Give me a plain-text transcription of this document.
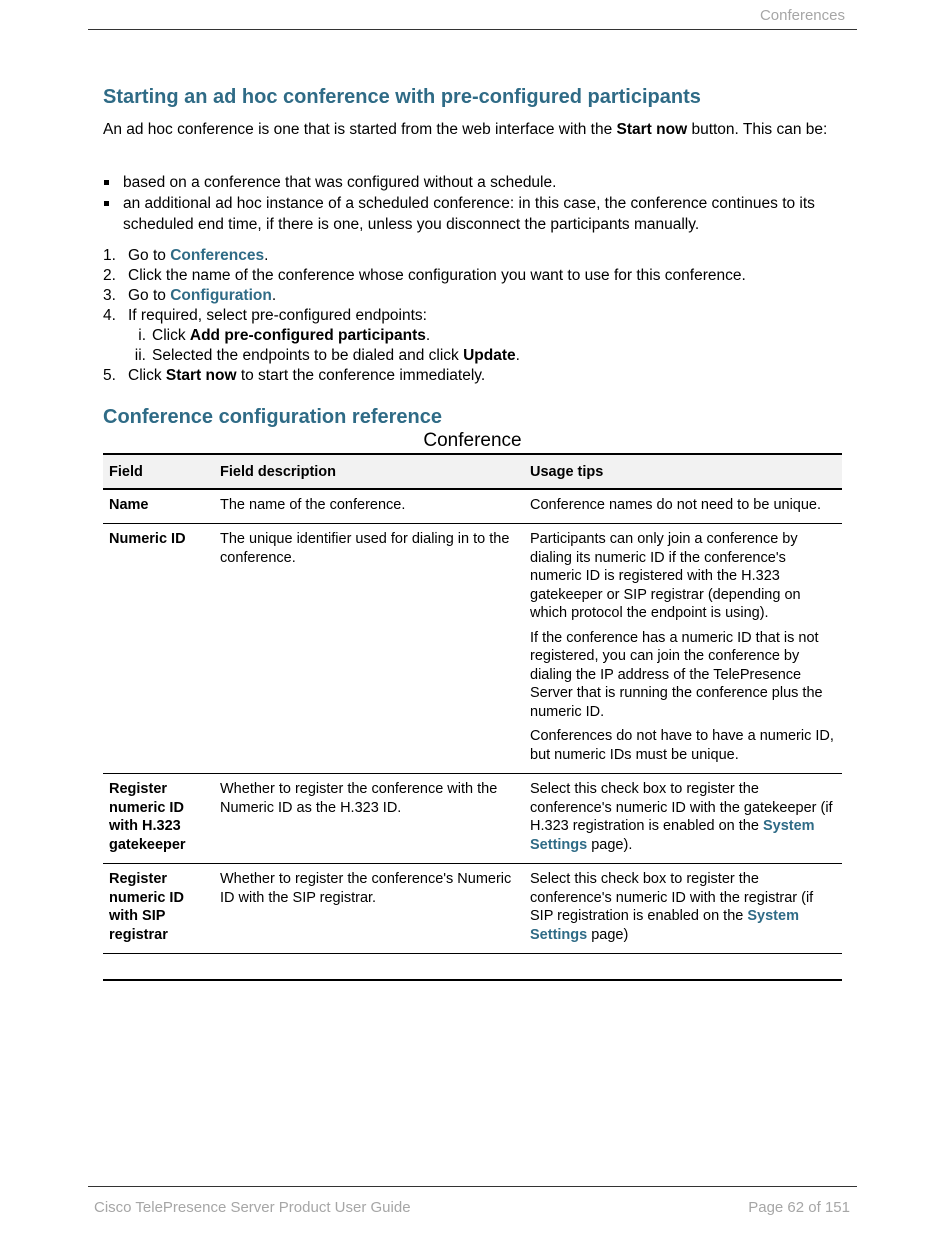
Conferences
Starting an ad hoc conference with pre-configured participants

An ad hoc conference is one that is started from the web interface with the Start now button. This can be:

based on a conference that was configured without a schedule.
an additional ad hoc instance of a scheduled conference: in this case, the conference continues to its scheduled end time, if there is one, unless you disconnect the participants manually.
1. Go to Conferences.
2. Click the name of the conference whose configuration you want to use for this conference.
3. Go to Configuration.
4. If required, select pre-configured endpoints:
i. Click Add pre-configured participants.
ii. Selected the endpoints to be dialed and click Update.
5. Click Start now to start the conference immediately.
Conference configuration reference
Conference
Field	Field description	Usage tips
Name	The name of the conference.	Conference names do not need to be unique.

Numeric ID	The unique identifier used for dialing in to the conference.	Participants can only join a conference by dialing its numeric ID if the conference's numeric ID is registered with the H.323 gatekeeper or SIP registrar (depending on which protocol the endpoint is using).

If the conference has a numeric ID that is not registered, you can join the conference by dialing the IP address of the TelePresence Server that is running the conference plus the numeric ID.

Conferences do not have to have a numeric ID, but numeric IDs must be unique.

Register numeric ID with H.323 gatekeeper	Whether to register the conference with the Numeric ID as the H.323 ID.	Select this check box to register the conference's numeric ID with the gatekeeper (if H.323 registration is enabled on the System Settings page).
Register numeric ID with SIP registrar	Whether to register the conference's Numeric ID with the SIP registrar.	Select this check box to register the conference's numeric ID with the registrar (if SIP registration is enabled on the System Settings page)
Cisco TelePresence Server Product User Guide	Page 62 of 151
